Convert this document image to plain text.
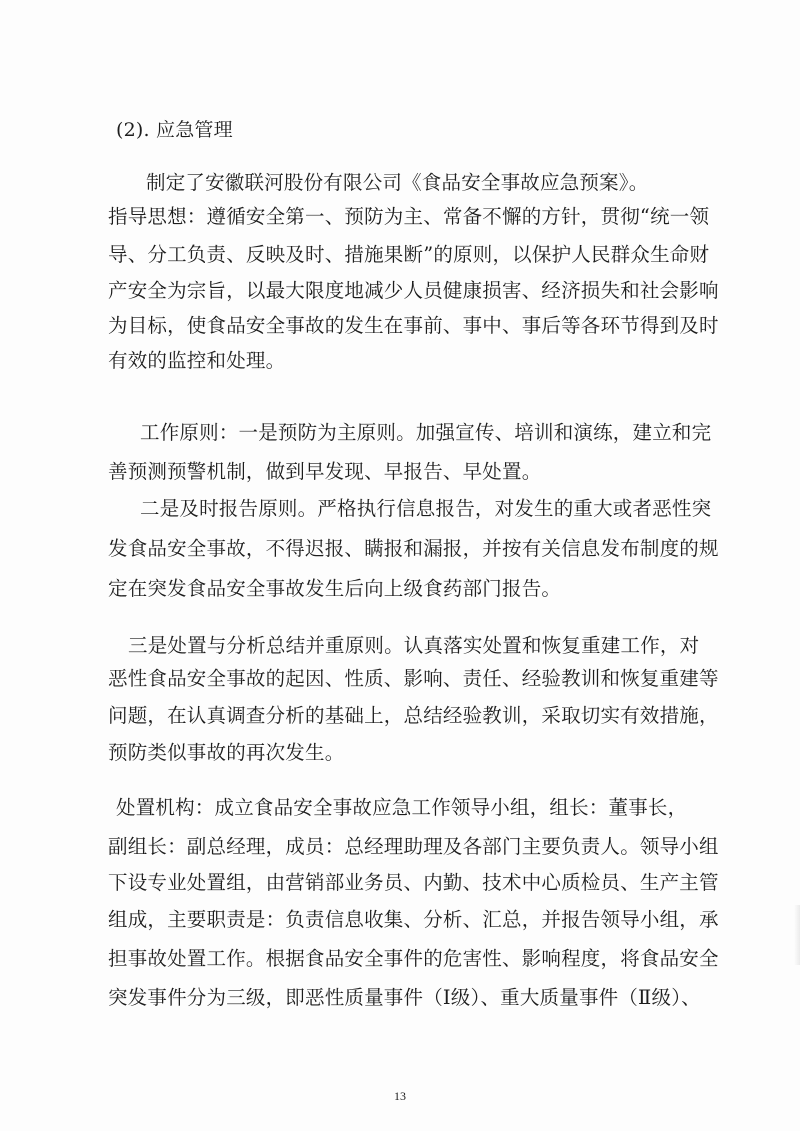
(2). 应急管理
制定了安徽联河股份有限公司《食品安全事故应急预案》。
指导思想：遵循安全第一、预防为主、常备不懈的方针，贯彻“统一领
导、分工负责、反映及时、措施果断”的原则，以保护人民群众生命财
产安全为宗旨，以最大限度地减少人员健康损害、经济损失和社会影响
为目标，使食品安全事故的发生在事前、事中、事后等各环节得到及时
有效的监控和处理。
工作原则：一是预防为主原则。加强宣传、培训和演练，建立和完
善预测预警机制，做到早发现、早报告、早处置。
二是及时报告原则。严格执行信息报告，对发生的重大或者恶性突
发食品安全事故，不得迟报、瞒报和漏报，并按有关信息发布制度的规
定在突发食品安全事故发生后向上级食药部门报告。
三是处置与分析总结并重原则。认真落实处置和恢复重建工作，对
恶性食品安全事故的起因、性质、影响、责任、经验教训和恢复重建等
问题，在认真调查分析的基础上，总结经验教训，采取切实有效措施，
预防类似事故的再次发生。
处置机构：成立食品安全事故应急工作领导小组，组长：董事长，
副组长：副总经理，成员：总经理助理及各部门主要负责人。领导小组
下设专业处置组，由营销部业务员、内勤、技术中心质检员、生产主管
组成，主要职责是：负责信息收集、分析、汇总，并报告领导小组，承
担事故处置工作。根据食品安全事件的危害性、影响程度，将食品安全
突发事件分为三级，即恶性质量事件（Ⅰ级）、重大质量事件（Ⅱ级）、
13
